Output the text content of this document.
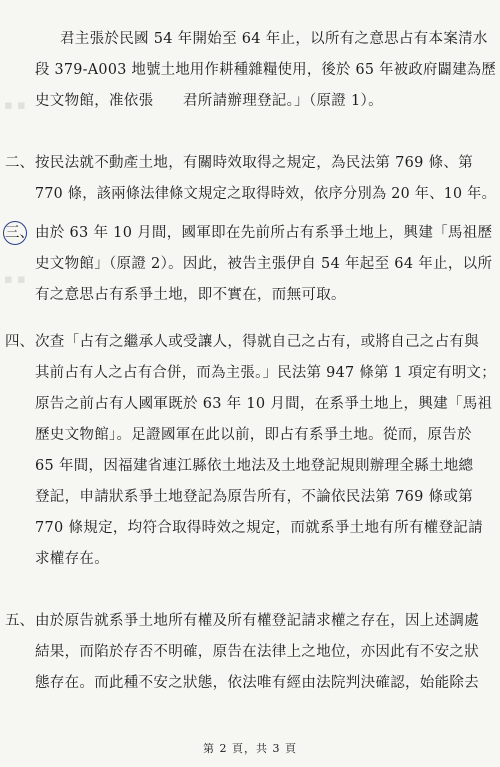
▪ ▪
▪ ▪
君主張於民國 54 年開始至 64 年止，以所有之意思占有本案清水
段 379-A003 地號土地用作耕種雜糧使用，後於 65 年被政府闢建為歷
史文物館，准依張　　君所請辦理登記。」（原證 1）。
二、 按民法就不動產土地，有關時效取得之規定，為民法第 769 條、第
770 條，該兩條法律條文規定之取得時效，依序分別為 20 年、10 年。
三、 由於 63 年 10 月間，國軍即在先前所占有系爭土地上，興建「馬祖歷
史文物館」（原證 2）。因此，被告主張伊自 54 年起至 64 年止，以所
有之意思占有系爭土地，即不實在，而無可取。
四、 次查「占有之繼承人或受讓人，得就自己之占有，或將自己之占有與
其前占有人之占有合併，而為主張。」民法第 947 條第 1 項定有明文；
原告之前占有人國軍既於 63 年 10 月間，在系爭土地上，興建「馬祖
歷史文物館」。足證國軍在此以前，即占有系爭土地。從而，原告於
65 年間，因福建省連江縣依土地法及土地登記規則辦理全縣土地總
登記，申請狀系爭土地登記為原告所有，不論依民法第 769 條或第
770 條規定，均符合取得時效之規定，而就系爭土地有所有權登記請
求權存在。
五、 由於原告就系爭土地所有權及所有權登記請求權之存在，因上述調處
結果，而陷於存否不明確，原告在法律上之地位，亦因此有不安之狀
態存在。而此種不安之狀態，依法唯有經由法院判決確認，始能除去
第 2 頁，共 3 頁
